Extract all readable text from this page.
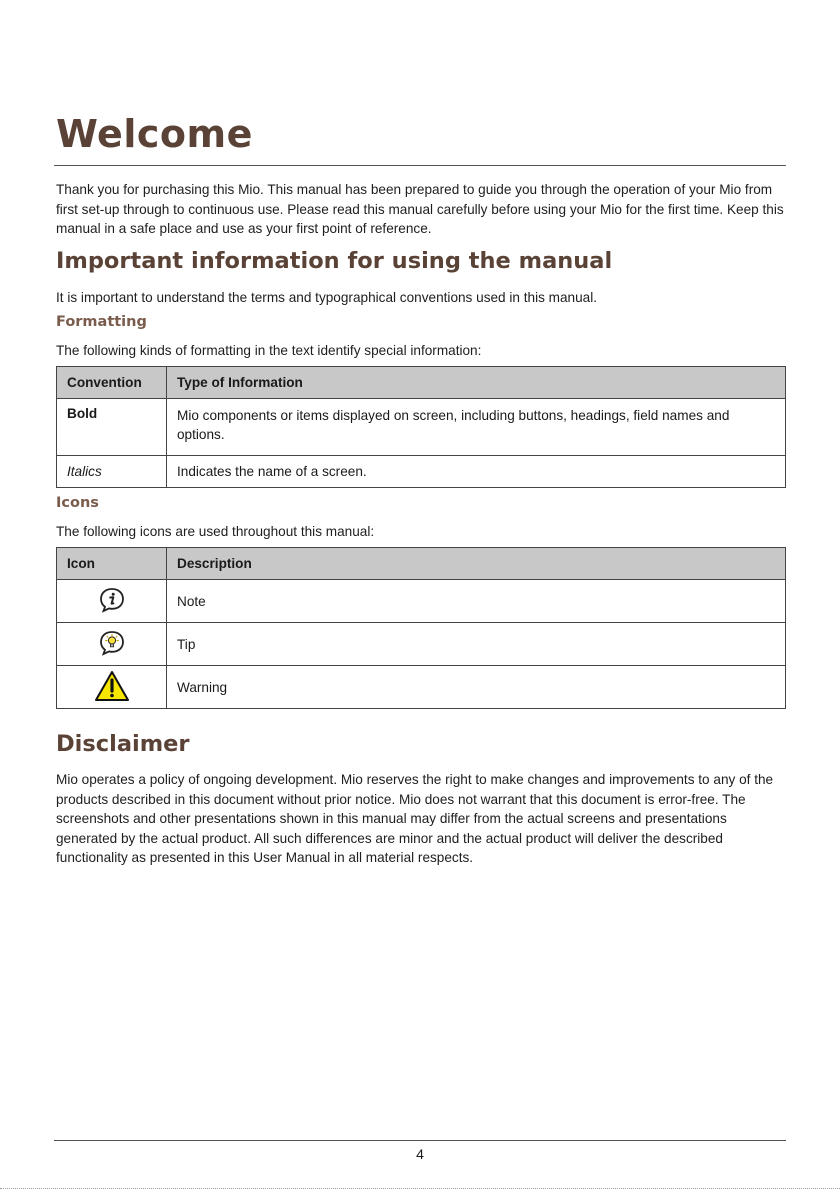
Welcome

Thank you for purchasing this Mio. This manual has been prepared to guide you through the operation of your Mio from first set-up through to continuous use. Please read this manual carefully before using your Mio for the first time. Keep this manual in a safe place and use as your first point of reference.

Important information for using the manual

It is important to understand the terms and typographical conventions used in this manual.

Formatting

The following kinds of formatting in the text identify special information:

Convention	Type of Information
Bold	Mio components or items displayed on screen, including buttons, headings, field names and options.
Italics	Indicates the name of a screen.
Icons

The following icons are used throughout this manual:

Icon	Description
	Note
	Tip
	Warning
Disclaimer

Mio operates a policy of ongoing development. Mio reserves the right to make changes and improvements to any of the products described in this document without prior notice. Mio does not warrant that this document is error-free. The screenshots and other presentations shown in this manual may differ from the actual screens and presentations generated by the actual product. All such differences are minor and the actual product will deliver the described functionality as presented in this User Manual in all material respects.

4
